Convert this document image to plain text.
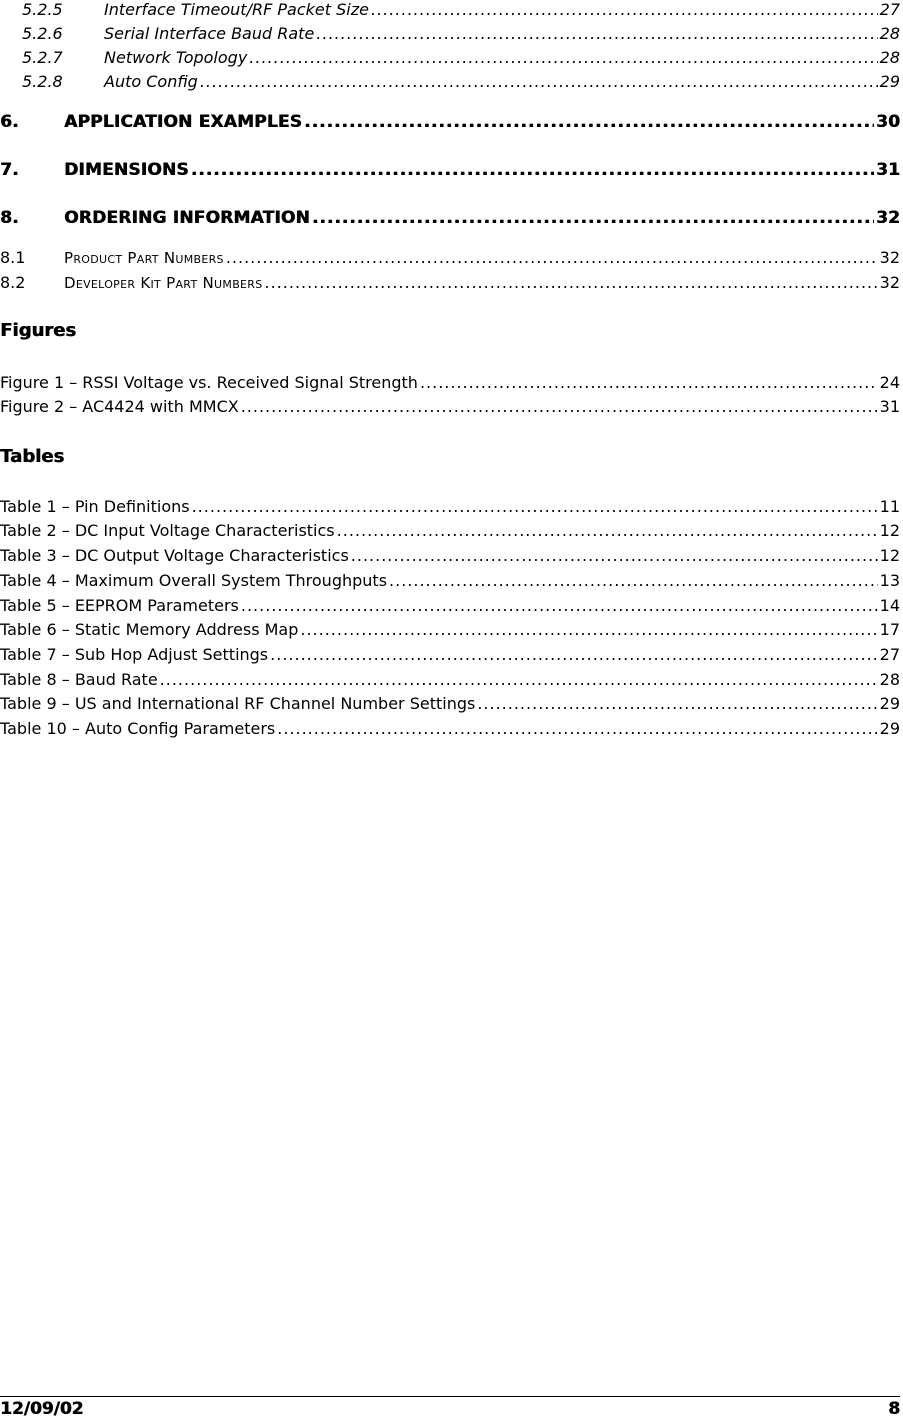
5.2.5	Interface Timeout/RF Packet Size .....	27
5.2.6	Serial Interface Baud Rate .....	28
5.2.7	Network Topology .....	28
5.2.8	Auto Config .....	29
6.	APPLICATION EXAMPLES .....	30
7.	DIMENSIONS .....	31
8.	ORDERING INFORMATION .....	32
8.1	Product Part Numbers .....	32
8.2	Developer Kit Part Numbers .....	32
Figures
Figure 1 – RSSI Voltage vs. Received Signal Strength .....	24
Figure 2 – AC4424 with MMCX .....	31
Tables
Table 1 – Pin Definitions .....	11
Table 2 – DC Input Voltage Characteristics .....	12
Table 3 – DC Output Voltage Characteristics .....	12
Table 4 – Maximum Overall System Throughputs .....	13
Table 5 – EEPROM Parameters .....	14
Table 6 – Static Memory Address Map .....	17
Table 7 – Sub Hop Adjust Settings .....	27
Table 8 – Baud Rate .....	28
Table 9 – US and International RF Channel Number Settings .....	29
Table 10 – Auto Config Parameters .....	29
12/09/02	8
